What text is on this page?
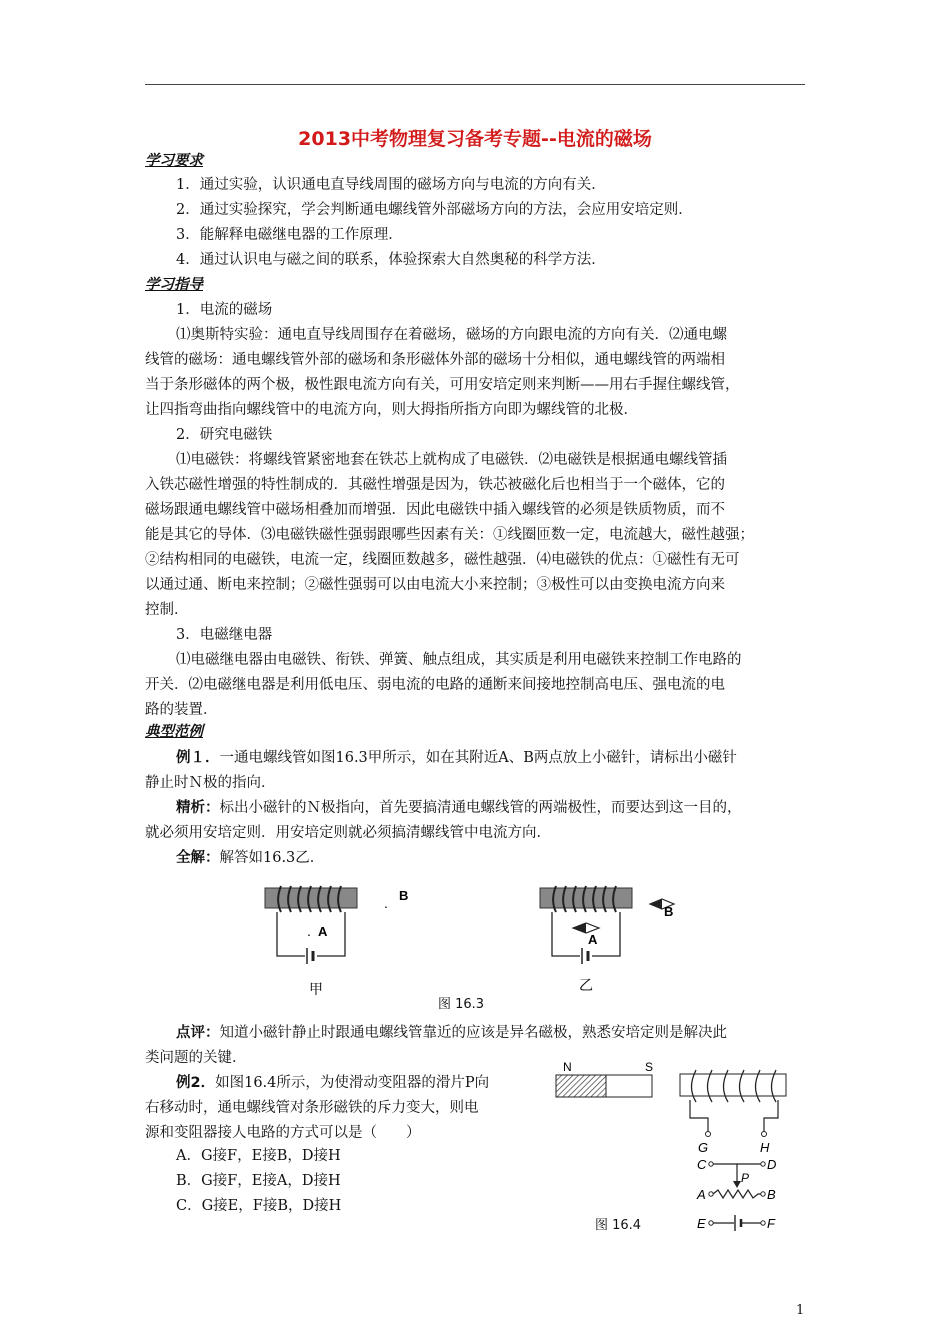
2013中考物理复习备考专题--电流的磁场
学习要求
1．通过实验，认识通电直导线周围的磁场方向与电流的方向有关．
2．通过实验探究，学会判断通电螺线管外部磁场方向的方法，会应用安培定则．
3．能解释电磁继电器的工作原理．
4．通过认识电与磁之间的联系，体验探索大自然奥秘的科学方法．
学习指导
1．电流的磁场
⑴奥斯特实验：通电直导线周围存在着磁场，磁场的方向跟电流的方向有关．⑵通电螺
线管的磁场：通电螺线管外部的磁场和条形磁体外部的磁场十分相似，通电螺线管的两端相
当于条形磁体的两个极，极性跟电流方向有关，可用安培定则来判断——用右手握住螺线管，
让四指弯曲指向螺线管中的电流方向，则大拇指所指方向即为螺线管的北极．
2．研究电磁铁
⑴电磁铁：将螺线管紧密地套在铁芯上就构成了电磁铁．⑵电磁铁是根据通电螺线管插
入铁芯磁性增强的特性制成的．其磁性增强是因为，铁芯被磁化后也相当于一个磁体，它的
磁场跟通电螺线管中磁场相叠加而增强．因此电磁铁中插入螺线管的必须是铁质物质，而不
能是其它的导体．⑶电磁铁磁性强弱跟哪些因素有关：①线圈匝数一定，电流越大，磁性越强；
②结构相同的电磁铁，电流一定，线圈匝数越多，磁性越强．⑷电磁铁的优点：①磁性有无可
以通过通、断电来控制；②磁性强弱可以由电流大小来控制；③极性可以由变换电流方向来
控制．
3．电磁继电器
⑴电磁继电器由电磁铁、衔铁、弹簧、触点组成，其实质是利用电磁铁来控制工作电路的
开关．⑵电磁继电器是利用低电压、弱电流的电路的通断来间接地控制高电压、强电流的电
路的装置．
典型范例
例１．一通电螺线管如图16.3甲所示，如在其附近A、B两点放上小磁针，请标出小磁针
静止时Ｎ极的指向．
精析：标出小磁针的Ｎ极指向，首先要搞清通电螺线管的两端极性，而要达到这一目的，
就必须用安培定则．用安培定则就必须搞清螺线管中电流方向．
全解：解答如16.3乙．
. A
. B
甲
A
B
乙
图 16.3
点评：知道小磁针静止时跟通电螺线管靠近的应该是异名磁极，熟悉安培定则是解决此
类问题的关键．
例2．如图16.4所示，为使滑动变阻器的滑片P向
右移动时，通电螺线管对条形磁铁的斥力变大，则电
源和变阻器接人电路的方式可以是（　　）
A．G接F，E接B，D接H
B．G接F，E接A，D接H
C．G接E，F接B，D接H
N	S
G	H
C	D
P
A	B
E	F
图 16.4
1
